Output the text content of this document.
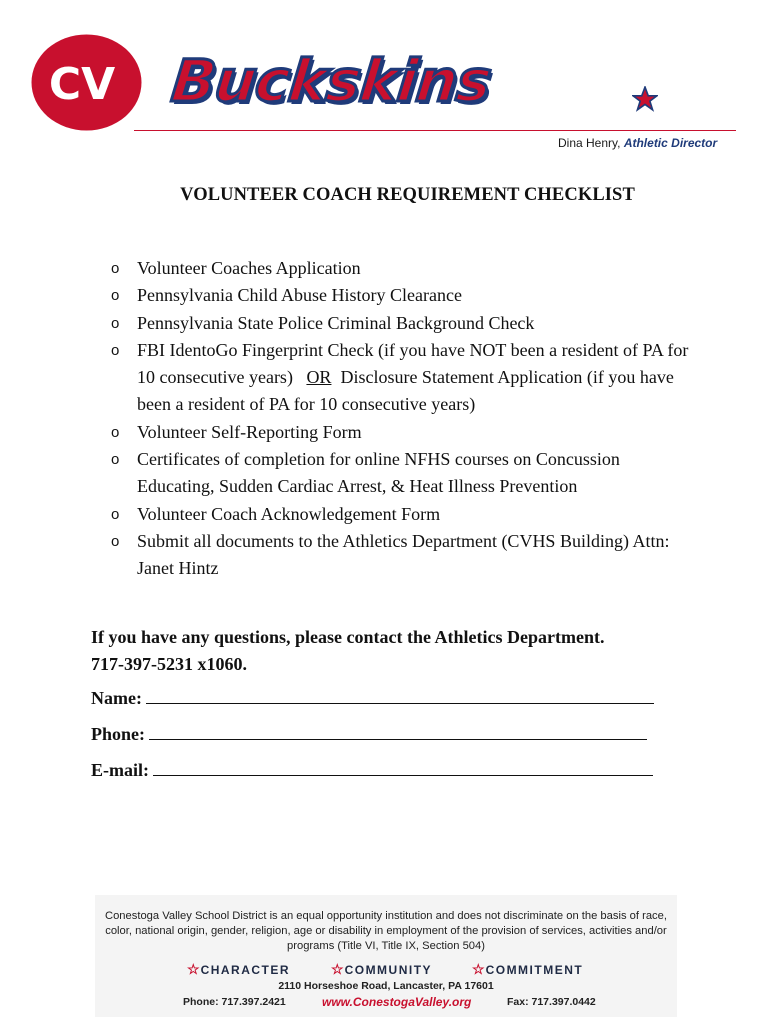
CV Buckskins
Dina Henry, Athletic Director
VOLUNTEER COACH REQUIREMENT CHECKLIST
o Volunteer Coaches Application
o Pennsylvania Child Abuse History Clearance
o Pennsylvania State Police Criminal Background Check
o FBI IdentoGo Fingerprint Check (if you have NOT been a resident of PA for 10 consecutive years) OR Disclosure Statement Application (if you have been a resident of PA for 10 consecutive years)
o Volunteer Self-Reporting Form
o Certificates of completion for online NFHS courses on Concussion Educating, Sudden Cardiac Arrest, & Heat Illness Prevention
o Volunteer Coach Acknowledgement Form
o Submit all documents to the Athletics Department (CVHS Building) Attn: Janet Hintz
If you have any questions, please contact the Athletics Department.
717-397-5231 x1060.
Name:
Phone:
E-mail:
Conestoga Valley School District is an equal opportunity institution and does not discriminate on the basis of race, color, national origin, gender, religion, age or disability in employment of the provision of services, activities and/or programs (Title VI, Title IX, Section 504)
☆CHARACTER	☆COMMUNITY	☆COMMITMENT
2110 Horseshoe Road, Lancaster, PA 17601
Phone: 717.397.2421	www.ConestogaValley.org	Fax: 717.397.0442
